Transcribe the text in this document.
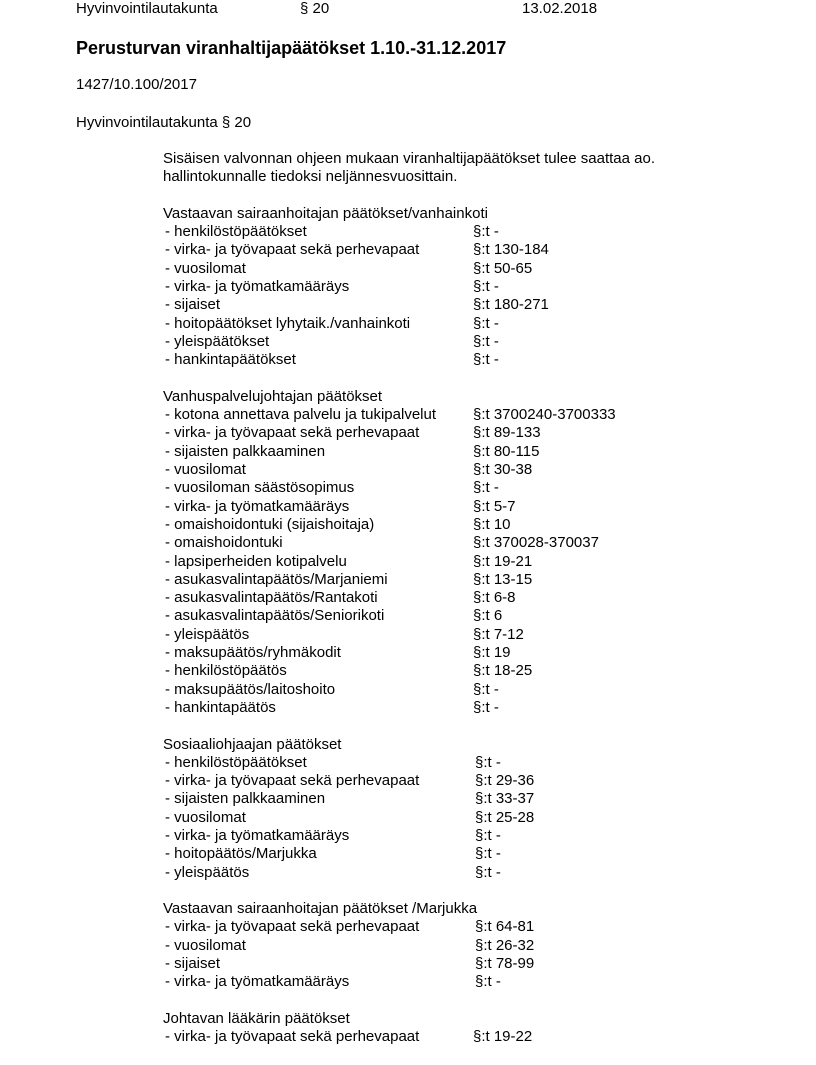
Hyvinvointilautakunta	§ 20	13.02.2018
Perusturvan viranhaltijapäätökset 1.10.-31.12.2017
1427/10.100/2017
Hyvinvointilautakunta § 20
Sisäisen valvonnan ohjeen mukaan viranhaltijapäätökset tulee saattaa ao.
hallintokunnalle tiedoksi neljännesvuosittain.
Vastaavan sairaanhoitajan päätökset/vanhainkoti
- henkilöstöpäätökset	§:t -
- virka- ja työvapaat sekä perhevapaat	§:t 130-184
- vuosilomat	§:t 50-65
- virka- ja työmatkamääräys	§:t -
- sijaiset	§:t 180-271
- hoitopäätökset lyhytaik./vanhainkoti	§:t -
- yleispäätökset	§:t -
- hankintapäätökset	§:t -
Vanhuspalvelujohtajan päätökset
- kotona annettava palvelu ja tukipalvelut §:t 3700240-3700333
- virka- ja työvapaat sekä perhevapaat	§:t 89-133
- sijaisten palkkaaminen	§:t 80-115
- vuosilomat	§:t 30-38
- vuosiloman säästösopimus	§:t -
- virka- ja työmatkamääräys	§:t 5-7
- omaishoidontuki (sijaishoitaja)	§:t 10
- omaishoidontuki	§:t 370028-370037
- lapsiperheiden kotipalvelu	§:t 19-21
- asukasvalintapäätös/Marjaniemi	§:t 13-15
- asukasvalintapäätös/Rantakoti	§:t 6-8
- asukasvalintapäätös/Seniorikoti	§:t 6
- yleispäätös	§:t 7-12
- maksupäätös/ryhmäkodit	§:t 19
- henkilöstöpäätös	§:t 18-25
- maksupäätös/laitoshoito	§:t -
- hankintapäätös	§:t -
Sosiaaliohjaajan päätökset
- henkilöstöpäätökset	§:t -
- virka- ja työvapaat sekä perhevapaat	§:t 29-36
- sijaisten palkkaaminen	§:t 33-37
- vuosilomat	§:t 25-28
- virka- ja työmatkamääräys	§:t -
- hoitopäätös/Marjukka	§:t -
- yleispäätös	§:t -
Vastaavan sairaanhoitajan päätökset /Marjukka
- virka- ja työvapaat sekä perhevapaat	§:t 64-81
- vuosilomat	§:t 26-32
- sijaiset	§:t 78-99
- virka- ja työmatkamääräys	§:t -
Johtavan lääkärin päätökset
- virka- ja työvapaat sekä perhevapaat	§:t 19-22
